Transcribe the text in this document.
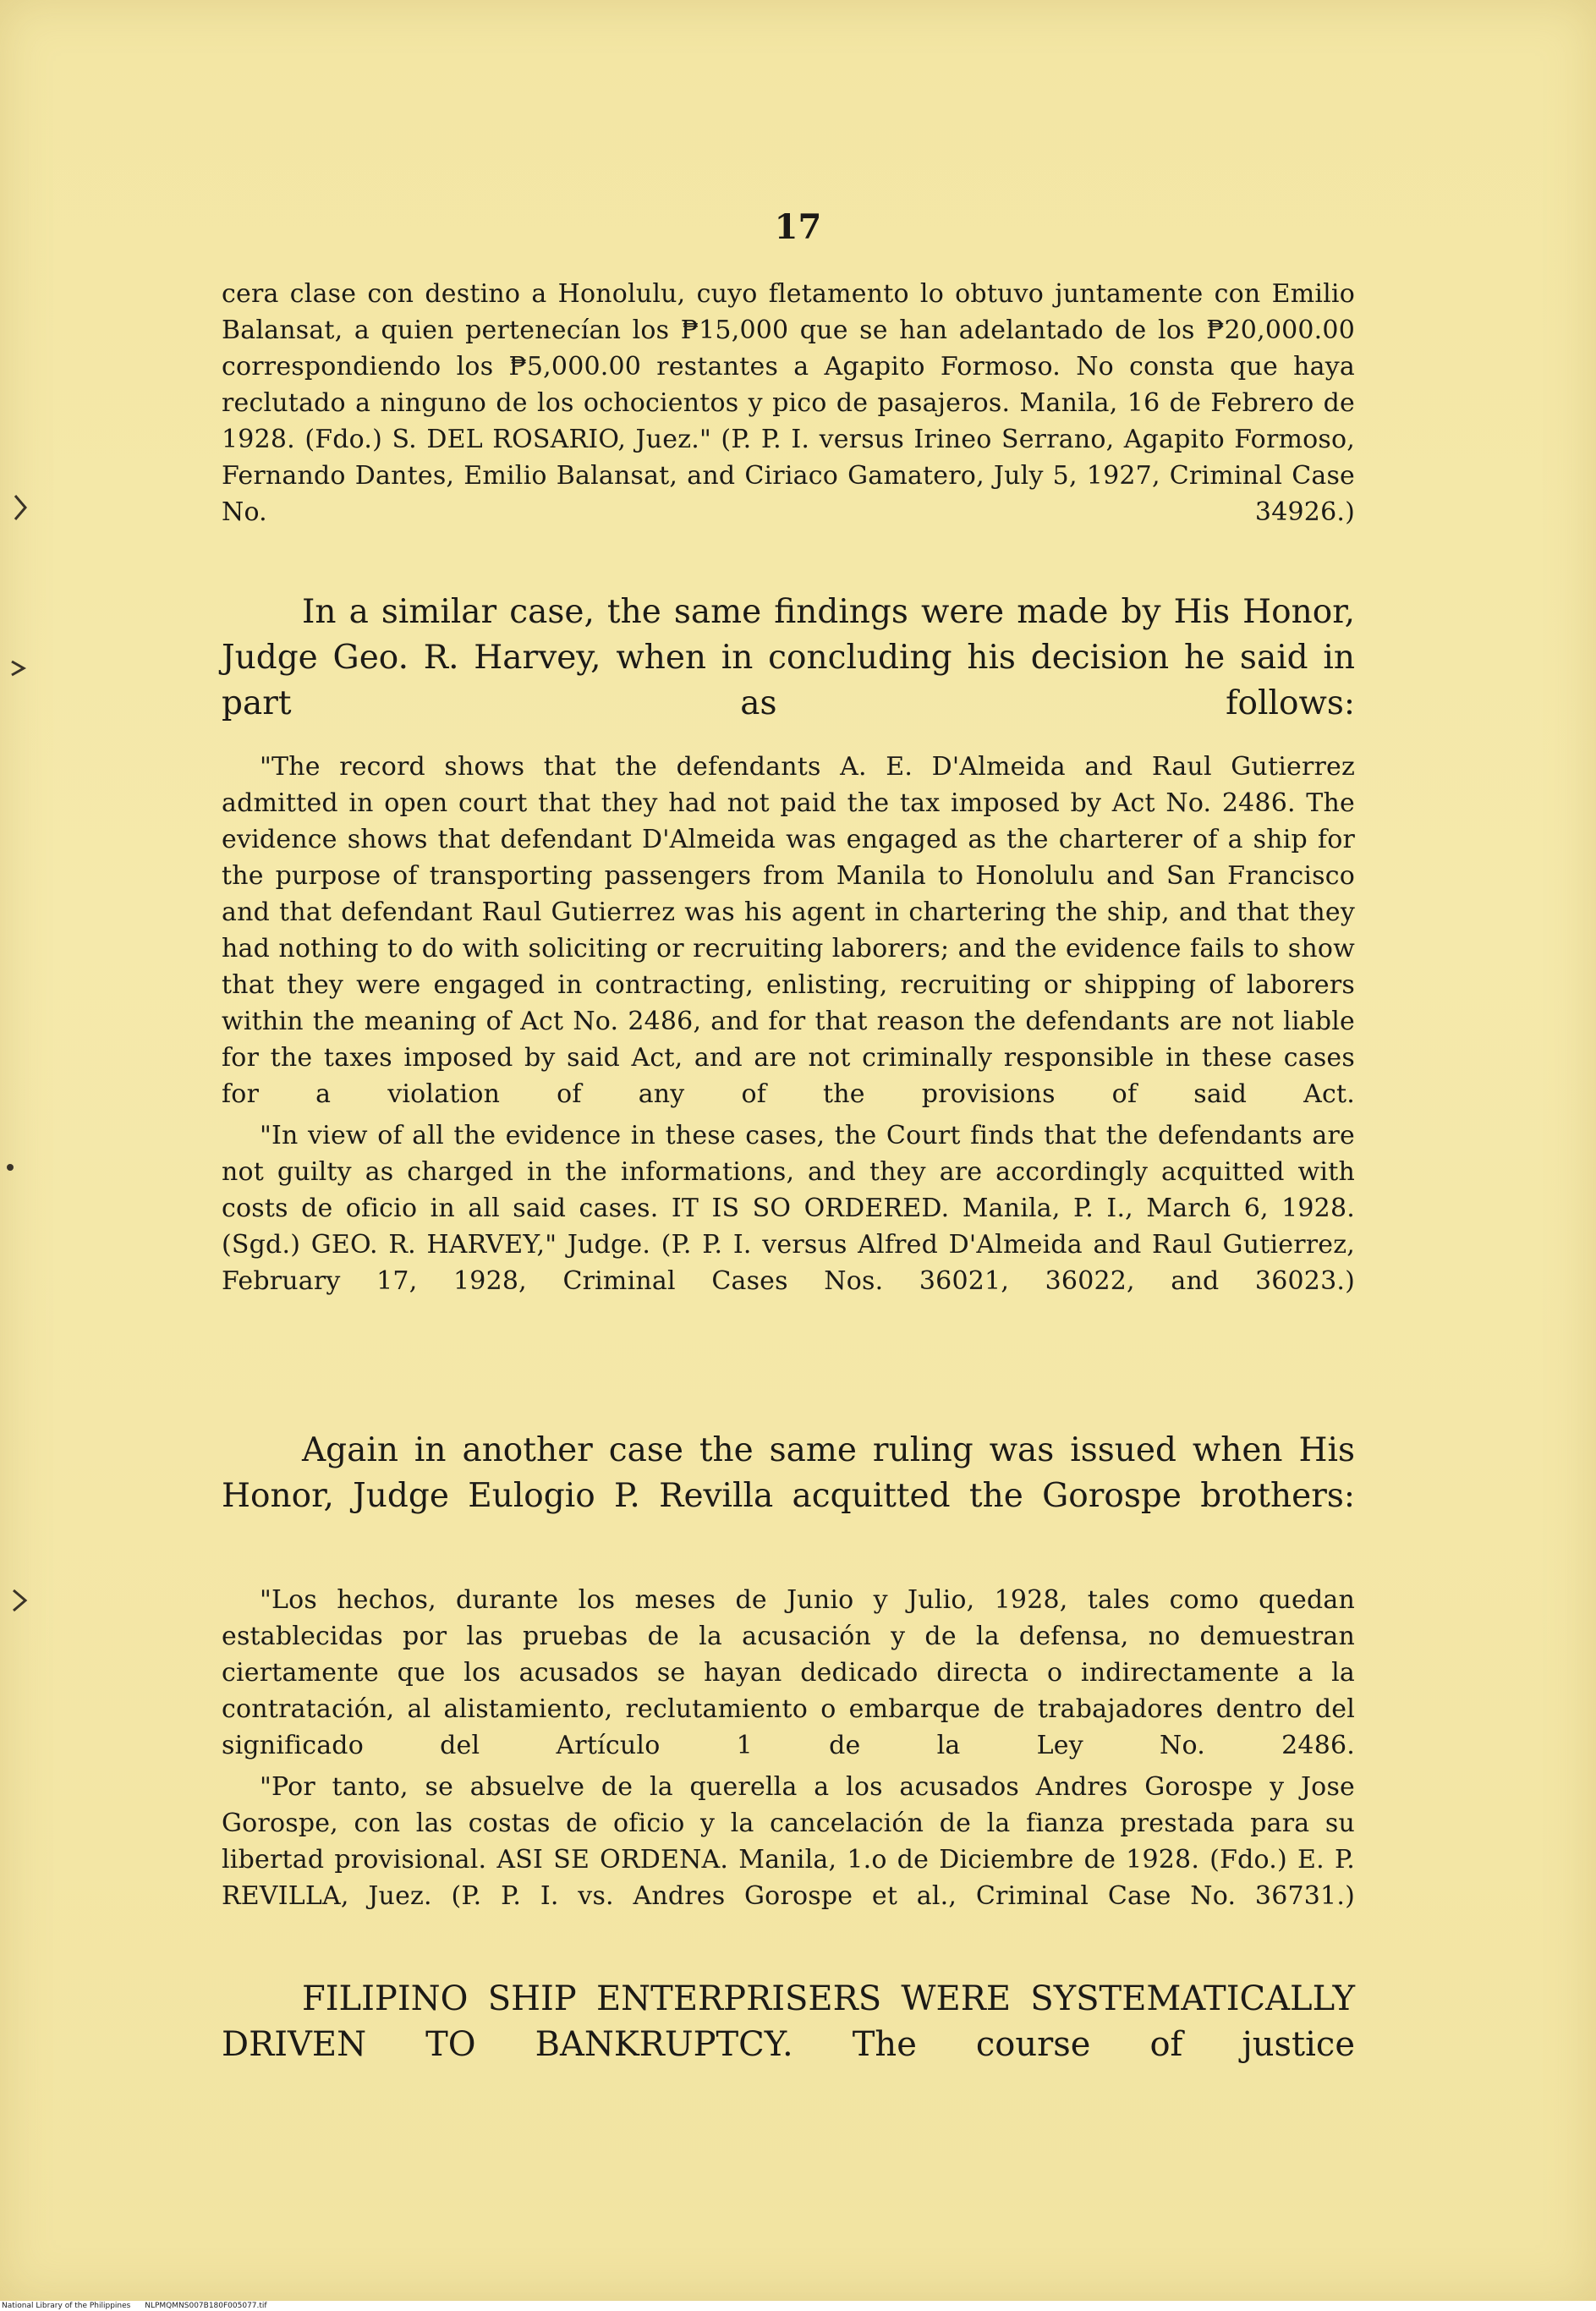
17

cera clase con destino a Honolulu, cuyo fletamento lo obtuvo juntamente con Emilio Balansat, a quien pertenecían los ₱15,000 que se han adelantado de los ₱20,000.00 correspondiendo los ₱5,000.00 restantes a Agapito Formoso. No consta que haya reclutado a ninguno de los ochocientos y pico de pasajeros. Manila, 16 de Febrero de 1928. (Fdo.) S. DEL ROSARIO, Juez." (P. P. I. versus Irineo Serrano, Agapito Formoso, Fernando Dantes, Emilio Balansat, and Ciriaco Gamatero, July 5, 1927, Criminal Case No. 34926.)

In a similar case, the same findings were made by His Honor, Judge Geo. R. Harvey, when in concluding his decision he said in part as follows:

"The record shows that the defendants A. E. D'Almeida and Raul Gutierrez admitted in open court that they had not paid the tax imposed by Act No. 2486. The evidence shows that defendant D'Almeida was engaged as the charterer of a ship for the purpose of transporting passengers from Manila to Honolulu and San Francisco and that defendant Raul Gutierrez was his agent in chartering the ship, and that they had nothing to do with soliciting or recruiting laborers; and the evidence fails to show that they were engaged in contracting, enlisting, recruiting or shipping of laborers within the meaning of Act No. 2486, and for that reason the defendants are not liable for the taxes imposed by said Act, and are not criminally responsible in these cases for a violation of any of the provisions of said Act.

"In view of all the evidence in these cases, the Court finds that the defendants are not guilty as charged in the informations, and they are accordingly acquitted with costs de oficio in all said cases. IT IS SO ORDERED. Manila, P. I., March 6, 1928. (Sgd.) GEO. R. HARVEY," Judge. (P. P. I. versus Alfred D'Almeida and Raul Gutierrez, February 17, 1928, Criminal Cases Nos. 36021, 36022, and 36023.)

Again in another case the same ruling was issued when His Honor, Judge Eulogio P. Revilla acquitted the Gorospe brothers:

"Los hechos, durante los meses de Junio y Julio, 1928, tales como quedan establecidas por las pruebas de la acusación y de la defensa, no demuestran ciertamente que los acusados se hayan dedicado directa o indirectamente a la contratación, al alistamiento, reclutamiento o embarque de trabajadores dentro del significado del Artículo 1 de la Ley No. 2486.

"Por tanto, se absuelve de la querella a los acusados Andres Gorospe y Jose Gorospe, con las costas de oficio y la cancelación de la fianza prestada para su libertad provisional. ASI SE ORDENA. Manila, 1.o de Diciembre de 1928. (Fdo.) E. P. REVILLA, Juez. (P. P. I. vs. Andres Gorospe et al., Criminal Case No. 36731.)

FILIPINO SHIP ENTERPRISERS WERE SYSTEMATICALLY DRIVEN TO BANKRUPTCY. The course of justice

National Library of the Philippines NLPMQMNS007B180F005077.tif
